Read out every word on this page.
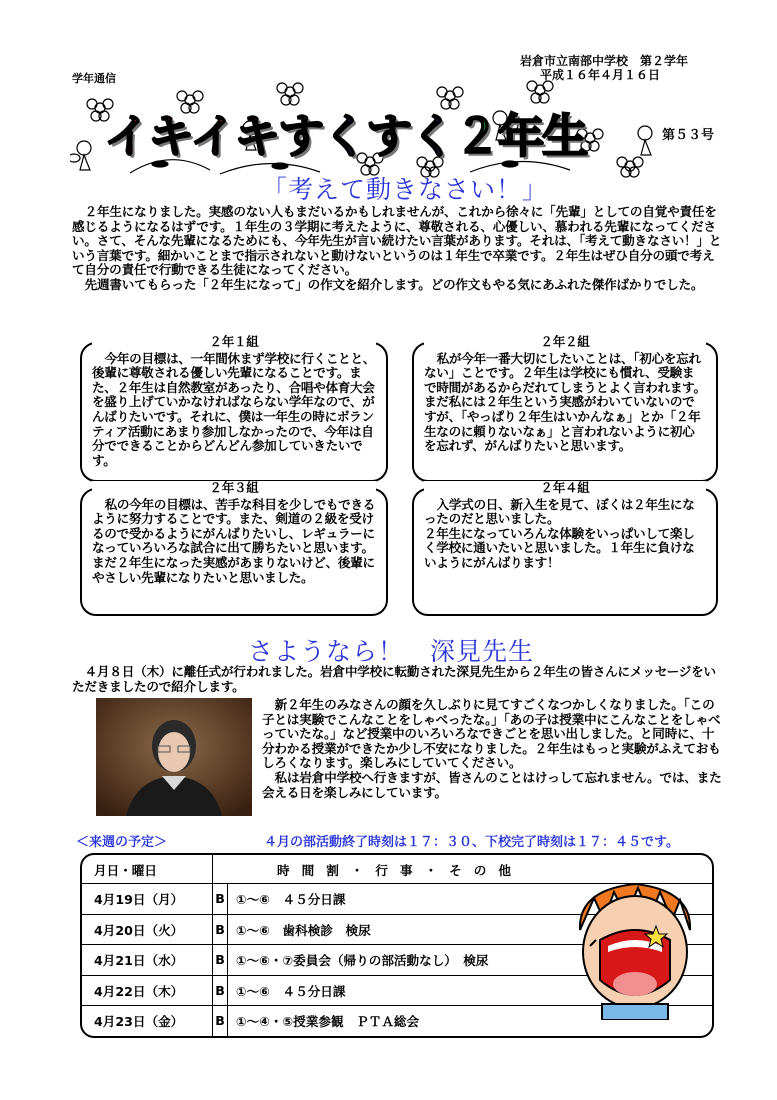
岩倉市立南部中学校　第２学年
平成１６年４月１６日
学年通信
イキイキすくすく２年生	第５３号
「考えて動きなさい！」

２年生になりました。実感のない人もまだいるかもしれませんが、これから徐々に「先輩」としての自覚や責任を感じるようになるはずです。１年生の３学期に考えたように、尊敬される、心優しい、慕われる先輩になってください。さて、そんな先輩になるためにも、今年先生が言い続けたい言葉があります。それは、「考えて動きなさい！」という言葉です。細かいことまで指示されないと動けないというのは１年生で卒業です。２年生はぜひ自分の頭で考えて自分の責任で行動できる生徒になってください。

先週書いてもらった「２年生になって」の作文を紹介します。どの作文もやる気にあふれた傑作ばかりでした。

２年１組

今年の目標は、一年間休まず学校に行くことと、後輩に尊敬される優しい先輩になることです。また、２年生は自然教室があったり、合唱や体育大会を盛り上げていかなければならない学年なので、がんばりたいです。それに、僕は一年生の時にボランティア活動にあまり参加しなかったので、今年は自分でできることからどんどん参加していきたいです。

２年２組

私が今年一番大切にしたいことは、「初心を忘れない」ことです。２年生は学校にも慣れ、受験まで時間があるからだれてしまうとよく言われます。まだ私には２年生という実感がわいていないのですが、「やっぱり２年生はいかんなぁ」とか「２年生なのに頼りないなぁ」と言われないように初心を忘れず、がんばりたいと思います。

２年３組

私の今年の目標は、苦手な科目を少しでもできるように努力することです。また、剣道の２級を受けるので受かるようにがんばりたいし、レギュラーになっていろいろな試合に出て勝ちたいと思います。まだ２年生になった実感があまりないけど、後輩にやさしい先輩になりたいと思いました。

２年４組

入学式の日、新入生を見て、ぼくは２年生になったのだと思いました。
２年生になっていろんな体験をいっぱいして楽しく学校に通いたいと思いました。１年生に負けないようにがんばります！

さようなら！　深見先生

４月８日（木）に離任式が行われました。岩倉中学校に転勤された深見先生から２年生の皆さんにメッセージをいただきましたので紹介します。

新２年生のみなさんの顔を久しぶりに見てすごくなつかしくなりました。「この子とは実験でこんなことをしゃべったな。」「あの子は授業中にこんなことをしゃべっていたな。」など授業中のいろいろなできごとを思い出しました。と同時に、十分わかる授業ができたか少し不安になりました。２年生はもっと実験がふえておもしろくなります。楽しみにしていてください。

私は岩倉中学校へ行きますが、皆さんのことはけっして忘れません。では、また会える日を楽しみにしています。

＜来週の予定＞	４月の部活動終了時刻は１７：３０、下校完了時刻は１７：４５です。
月日・曜日	時間割・行事・その他	
4月19日（月）	B	①〜⑥　４５分日課
4月20日（火）	B	①〜⑥　歯科検診　検尿
4月21日（水）	B	①〜⑥・⑦委員会（帰りの部活動なし）　検尿
4月22日（木）	B	①〜⑥　４５分日課
4月23日（金）	B	①〜④・⑤授業参観　ＰＴＡ総会
